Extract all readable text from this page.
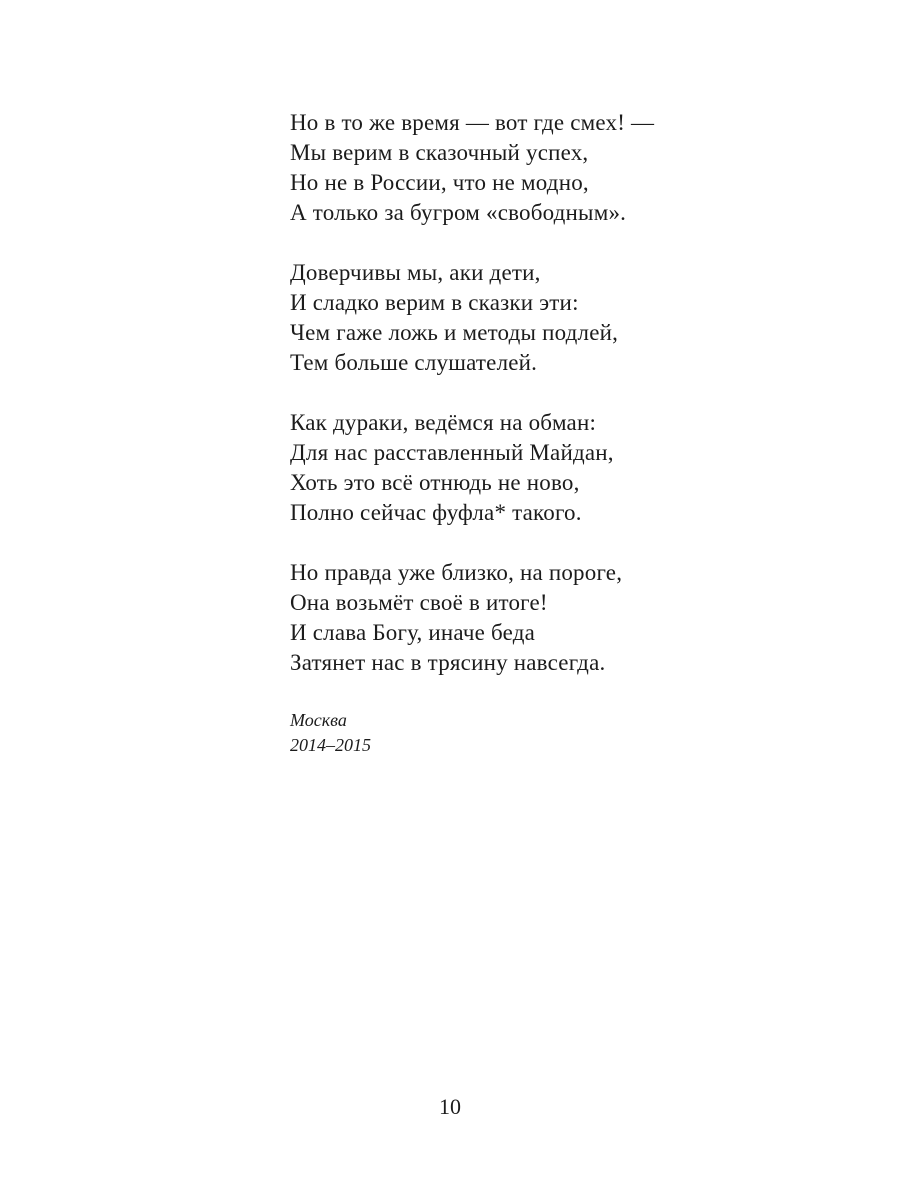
Но в то же время — вот где смех! —
Мы верим в сказочный успех,
Но не в России, что не модно,
А только за бугром «свободным».
Доверчивы мы, аки дети,
И сладко верим в сказки эти:
Чем гаже ложь и методы подлей,
Тем больше слушателей.
Как дураки, ведёмся на обман:
Для нас расставленный Майдан,
Хоть это всё отнюдь не ново,
Полно сейчас фуфла* такого.
Но правда уже близко, на пороге,
Она возьмёт своё в итоге!
И слава Богу, иначе беда
Затянет нас в трясину навсегда.
Москва
2014–2015
10
